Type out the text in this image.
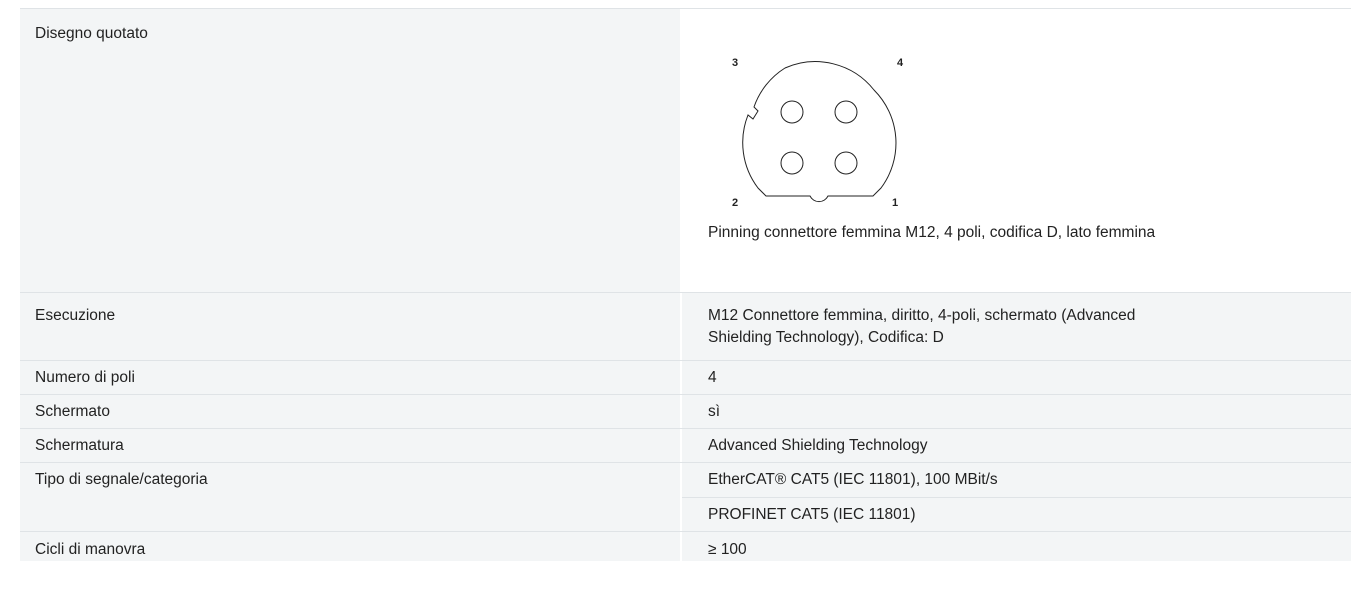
Disegno quotato
3	4
2	1
Pinning connettore femmina M12, 4 poli, codifica D, lato femmina
Esecuzione	M12 Connettore femmina, diritto, 4-poli, schermato (Advanced
Shielding Technology), Codifica: D
Numero di poli	4
Schermato	sì
Schermatura	Advanced Shielding Technology
Tipo di segnale/categoria	EtherCAT® CAT5 (IEC 11801), 100 MBit/s
PROFINET CAT5 (IEC 11801)
Cicli di manovra	≥ 100
